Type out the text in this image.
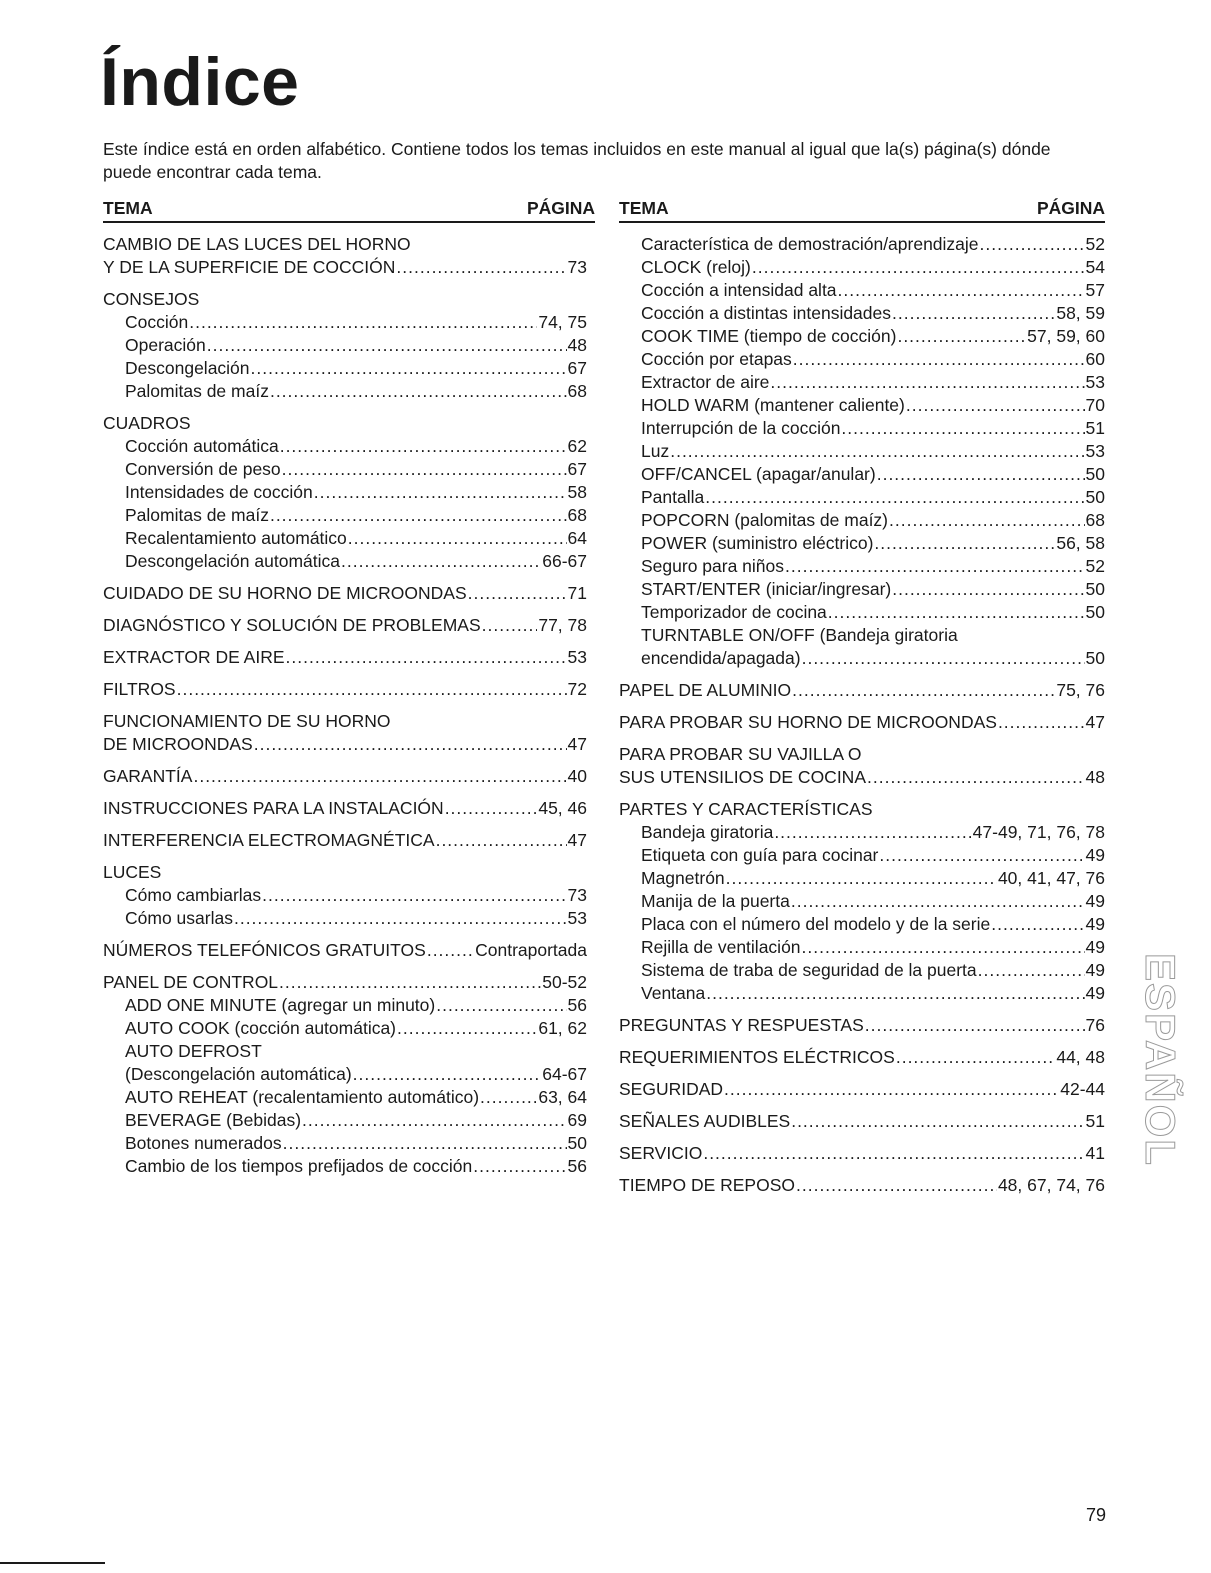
Índice
Este índice está en orden alfabético. Contiene todos los temas incluidos en este manual al igual que la(s) página(s) dónde puede encontrar cada tema.
TEMA	PÁGINA
CAMBIO DE LAS LUCES DEL HORNO
Y DE LA SUPERFICIE DE COCCIÓN .....	73
CONSEJOS
Cocción .....	74, 75
Operación .....	48
Descongelación .....	67
Palomitas de maíz .....	68
CUADROS
Cocción automática .....	62
Conversión de peso .....	67
Intensidades de cocción .....	58
Palomitas de maíz .....	68
Recalentamiento automático .....	64
Descongelación automática .....	66-67
CUIDADO DE SU HORNO DE MICROONDAS .....	71
DIAGNÓSTICO Y SOLUCIÓN DE PROBLEMAS .....	77, 78
EXTRACTOR DE AIRE .....	53
FILTROS .....	72
FUNCIONAMIENTO DE SU HORNO
DE MICROONDAS .....	47
GARANTÍA .....	40
INSTRUCCIONES PARA LA INSTALACIÓN .....	45, 46
INTERFERENCIA ELECTROMAGNÉTICA .....	47
LUCES
Cómo cambiarlas .....	73
Cómo usarlas .....	53
NÚMEROS TELEFÓNICOS GRATUITOS .....	Contraportada
PANEL DE CONTROL .....	50-52
ADD ONE MINUTE (agregar un minuto) .....	56
AUTO COOK (cocción automática) .....	61, 62
AUTO DEFROST
(Descongelación automática) .....	64-67
AUTO REHEAT (recalentamiento automático) .....	63, 64
BEVERAGE (Bebidas) .....	69
Botones numerados .....	50
Cambio de los tiempos prefijados de cocción .....	56
TEMA	PÁGINA
Característica de demostración/aprendizaje .....	52
CLOCK (reloj) .....	54
Cocción a intensidad alta .....	57
Cocción a distintas intensidades .....	58, 59
COOK TIME (tiempo de cocción) .....	57, 59, 60
Cocción por etapas .....	60
Extractor de aire .....	53
HOLD WARM (mantener caliente) .....	70
Interrupción de la cocción .....	51
Luz .....	53
OFF/CANCEL (apagar/anular) .....	50
Pantalla .....	50
POPCORN (palomitas de maíz) .....	68
POWER (suministro eléctrico) .....	56, 58
Seguro para niños .....	52
START/ENTER (iniciar/ingresar) .....	50
Temporizador de cocina .....	50
TURNTABLE ON/OFF (Bandeja giratoria
encendida/apagada) .....	50
PAPEL DE ALUMINIO .....	75, 76
PARA PROBAR SU HORNO DE MICROONDAS .....	47
PARA PROBAR SU VAJILLA O
SUS UTENSILIOS DE COCINA .....	48
PARTES Y CARACTERÍSTICAS
Bandeja giratoria .....	47-49, 71, 76, 78
Etiqueta con guía para cocinar .....	49
Magnetrón .....	40, 41, 47, 76
Manija de la puerta .....	49
Placa con el número del modelo y de la serie .....	49
Rejilla de ventilación .....	49
Sistema de traba de seguridad de la puerta .....	49
Ventana .....	49
PREGUNTAS Y RESPUESTAS .....	76
REQUERIMIENTOS ELÉCTRICOS .....	44, 48
SEGURIDAD .....	42-44
SEÑALES AUDIBLES .....	51
SERVICIO .....	41
TIEMPO DE REPOSO .....	48, 67, 74, 76
ESPAÑOL
79
